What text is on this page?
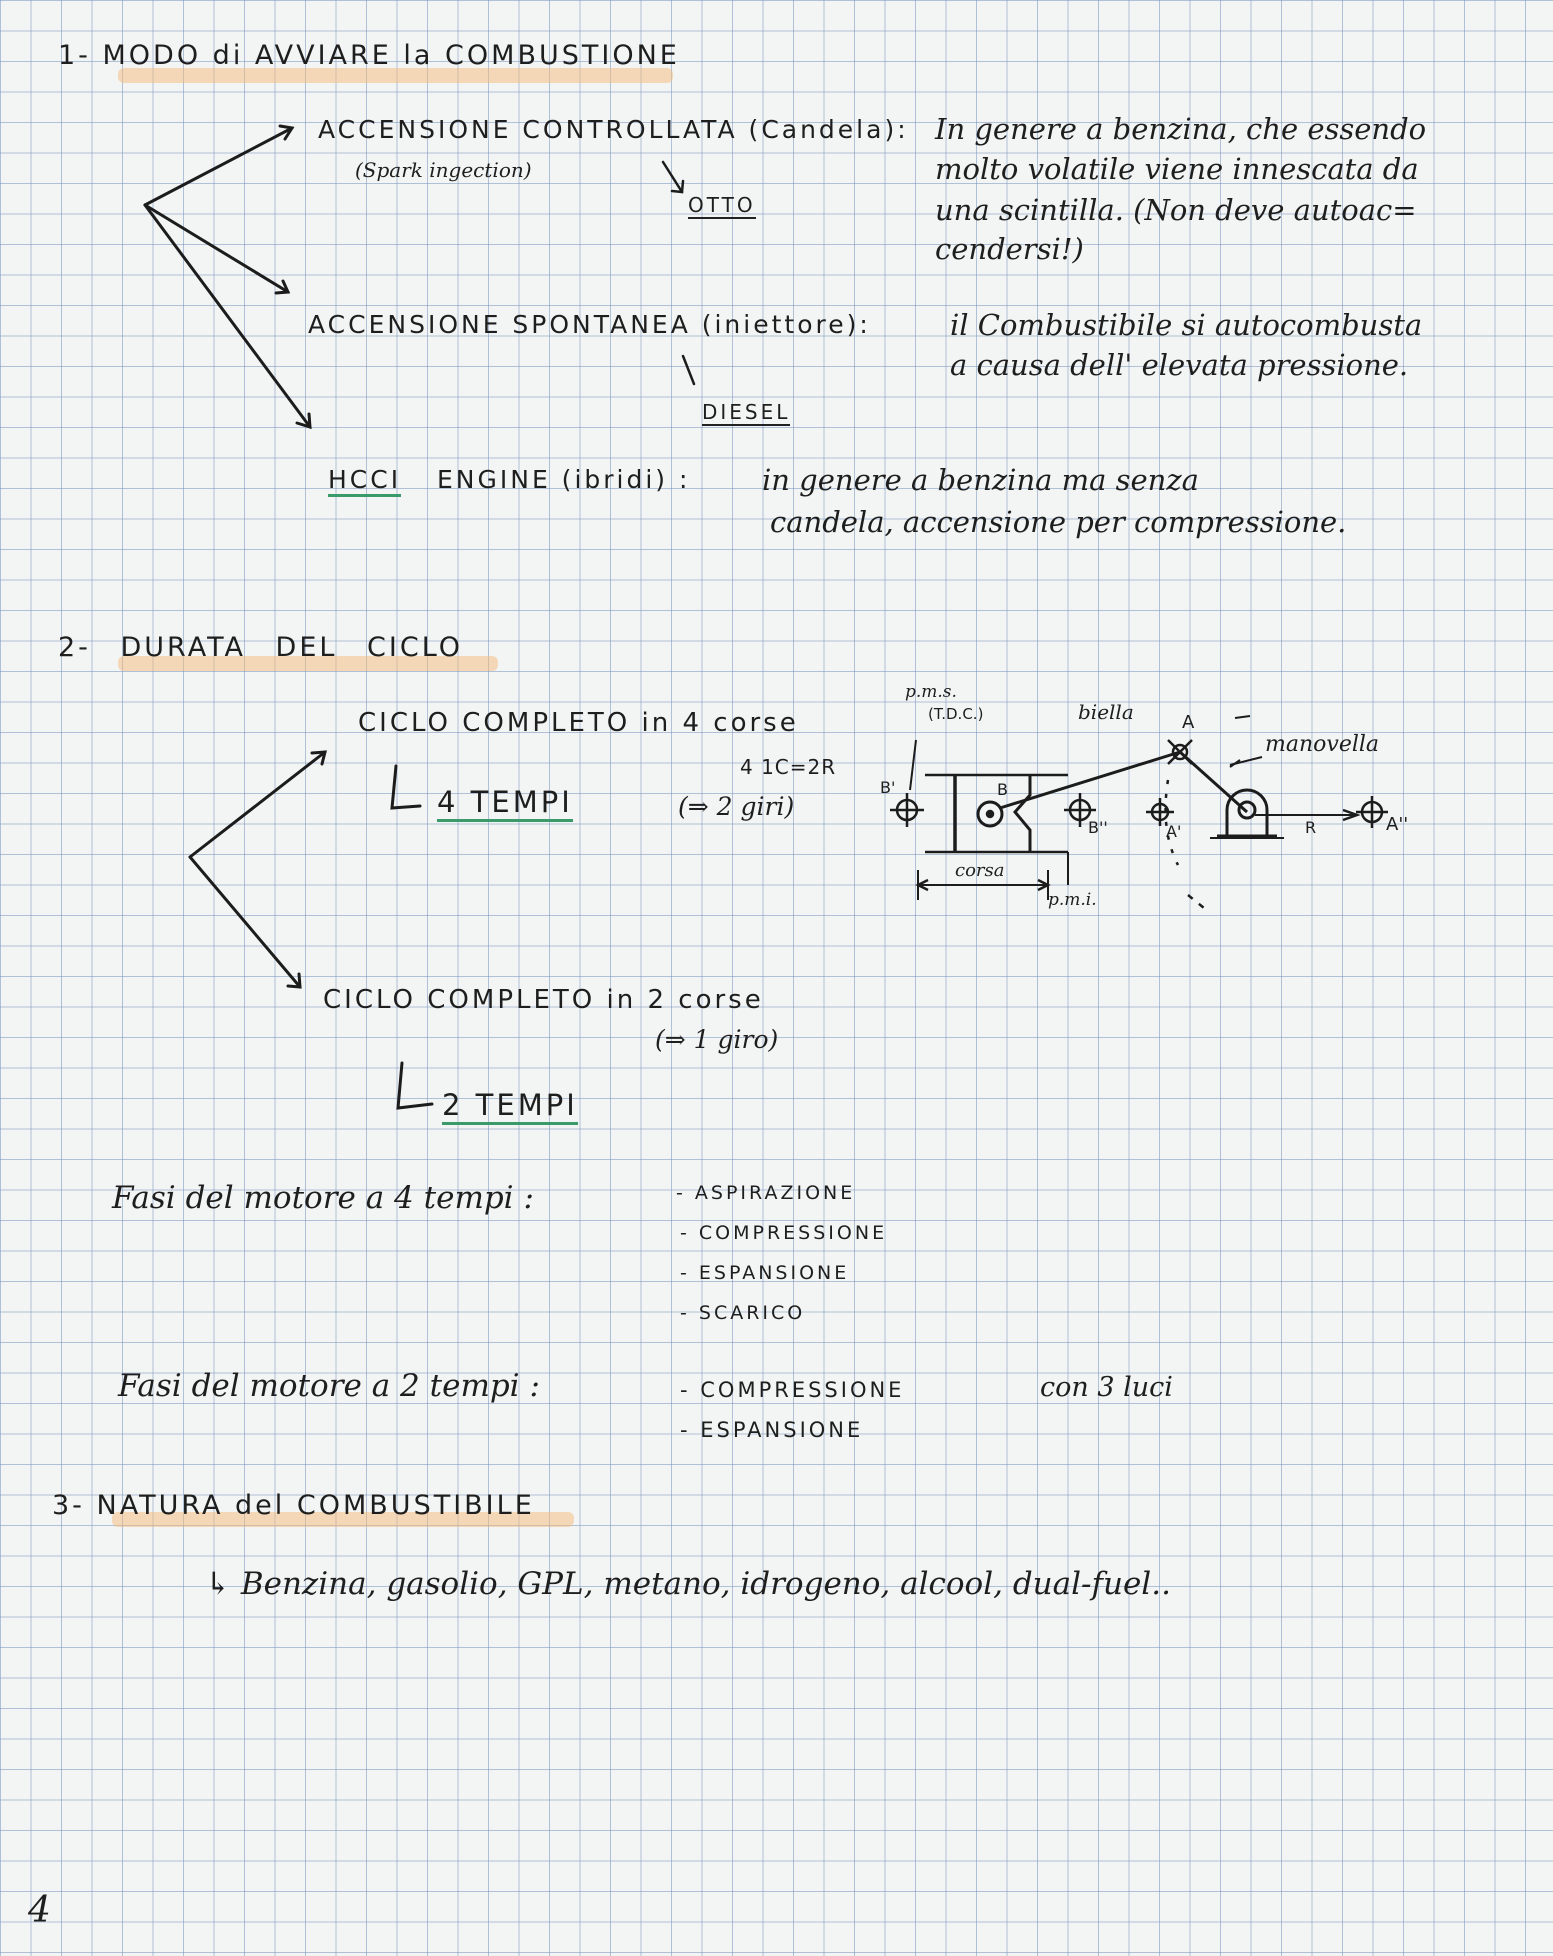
1- MODO di AVVIARE la COMBUSTIONE
ACCENSIONE CONTROLLATA (Candela):
(Spark ingection)
OTTO
In genere a benzina, che essendo
molto volatile viene innescata da
una scintilla. (Non deve autoac=
cendersi!)
ACCENSIONE SPONTANEA (iniettore):
DIESEL
il Combustibile si autocombusta
a causa dell' elevata pressione.
HCCI ENGINE (ibridi) : in genere a benzina ma senza
candela, accensione per compressione.
2- DURATA DEL CICLO
CICLO COMPLETO in 4 corse
4 1C=2R
4 TEMPI	(⇒ 2 giri)
CICLO COMPLETO in 2 corse
(⇒ 1 giro)
2 TEMPI
p.m.s.
(T.D.C.)	biella
manovella
corsa
p.m.i.
A
A'	A''
B
B'
B''	R
Fasi del motore a 4 tempi :	- ASPIRAZIONE
- COMPRESSIONE
- ESPANSIONE
- SCARICO
Fasi del motore a 2 tempi :	- COMPRESSIONE
- ESPANSIONE
con 3 luci
3- NATURA del COMBUSTIBILE
↳ Benzina, gasolio, GPL, metano, idrogeno, alcool, dual-fuel..
4
